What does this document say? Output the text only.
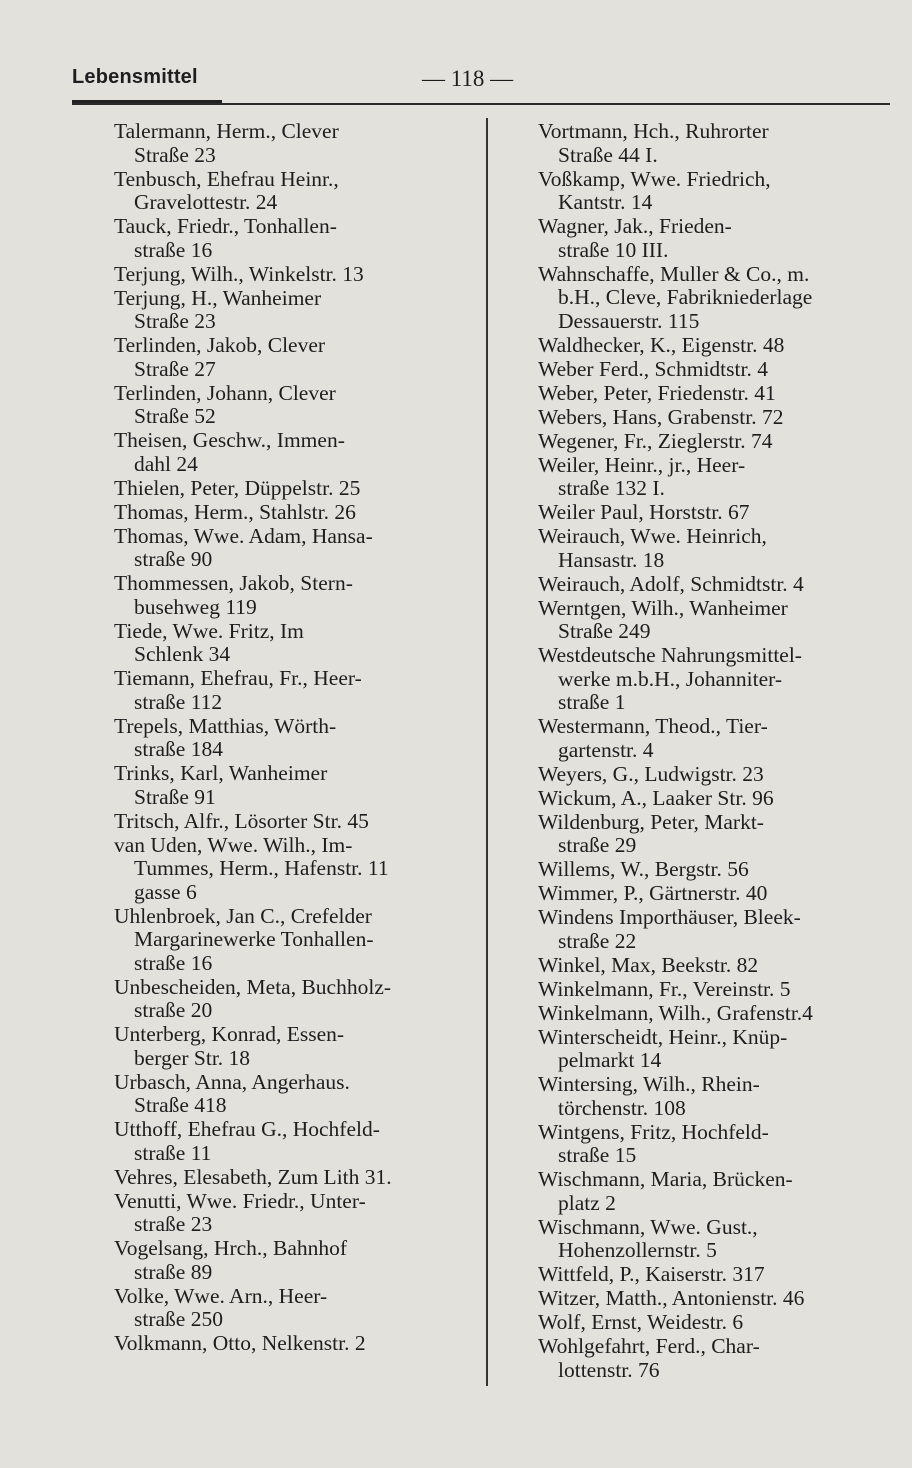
Lebensmittel	— 118 —
Talermann, Herm., Clever
Straße 23
Tenbusch, Ehefrau Heinr.,
Gravelottestr. 24
Tauck, Friedr., Tonhallen-
straße 16
Terjung, Wilh., Winkelstr. 13
Terjung, H., Wanheimer
Straße 23
Terlinden, Jakob, Clever
Straße 27
Terlinden, Johann, Clever
Straße 52
Theisen, Geschw., Immen-
dahl 24
Thielen, Peter, Düppelstr. 25
Thomas, Herm., Stahlstr. 26
Thomas, Wwe. Adam, Hansa-
straße 90
Thommessen, Jakob, Stern-
busehweg 119
Tiede, Wwe. Fritz, Im
Schlenk 34
Tiemann, Ehefrau, Fr., Heer-
straße 112
Trepels, Matthias, Wörth-
straße 184
Trinks, Karl, Wanheimer
Straße 91
Tritsch, Alfr., Lösorter Str. 45
van Uden, Wwe. Wilh., Im-
Tummes, Herm., Hafenstr. 11
gasse 6
Uhlenbroek, Jan C., Crefelder
Margarinewerke Tonhallen-
straße 16
Unbescheiden, Meta, Buchholz-
straße 20
Unterberg, Konrad, Essen-
berger Str. 18
Urbasch, Anna, Angerhaus.
Straße 418
Utthoff, Ehefrau G., Hochfeld-
straße 11
Vehres, Elesabeth, Zum Lith 31.
Venutti, Wwe. Friedr., Unter-
straße 23
Vogelsang, Hrch., Bahnhof
straße 89
Volke, Wwe. Arn., Heer-
straße 250
Volkmann, Otto, Nelkenstr. 2
Vortmann, Hch., Ruhrorter
Straße 44 I.
Voßkamp, Wwe. Friedrich,
Kantstr. 14
Wagner, Jak., Frieden-
straße 10 III.
Wahnschaffe, Muller & Co., m.
b.H., Cleve, Fabrikniederlage
Dessauerstr. 115
Waldhecker, K., Eigenstr. 48
Weber Ferd., Schmidtstr. 4
Weber, Peter, Friedenstr. 41
Webers, Hans, Grabenstr. 72
Wegener, Fr., Zieglerstr. 74
Weiler, Heinr., jr., Heer-
straße 132 I.
Weiler Paul, Horststr. 67
Weirauch, Wwe. Heinrich,
Hansastr. 18
Weirauch, Adolf, Schmidtstr. 4
Werntgen, Wilh., Wanheimer
Straße 249
Westdeutsche Nahrungsmittel-
werke m.b.H., Johanniter-
straße 1
Westermann, Theod., Tier-
gartenstr. 4
Weyers, G., Ludwigstr. 23
Wickum, A., Laaker Str. 96
Wildenburg, Peter, Markt-
straße 29
Willems, W., Bergstr. 56
Wimmer, P., Gärtnerstr. 40
Windens Importhäuser, Bleek-
straße 22
Winkel, Max, Beekstr. 82
Winkelmann, Fr., Vereinstr. 5
Winkelmann, Wilh., Grafenstr.4
Winterscheidt, Heinr., Knüp-
pelmarkt 14
Wintersing, Wilh., Rhein-
törchenstr. 108
Wintgens, Fritz, Hochfeld-
straße 15
Wischmann, Maria, Brücken-
platz 2
Wischmann, Wwe. Gust.,
Hohenzollernstr. 5
Wittfeld, P., Kaiserstr. 317
Witzer, Matth., Antonienstr. 46
Wolf, Ernst, Weidestr. 6
Wohlgefahrt, Ferd., Char-
lottenstr. 76
